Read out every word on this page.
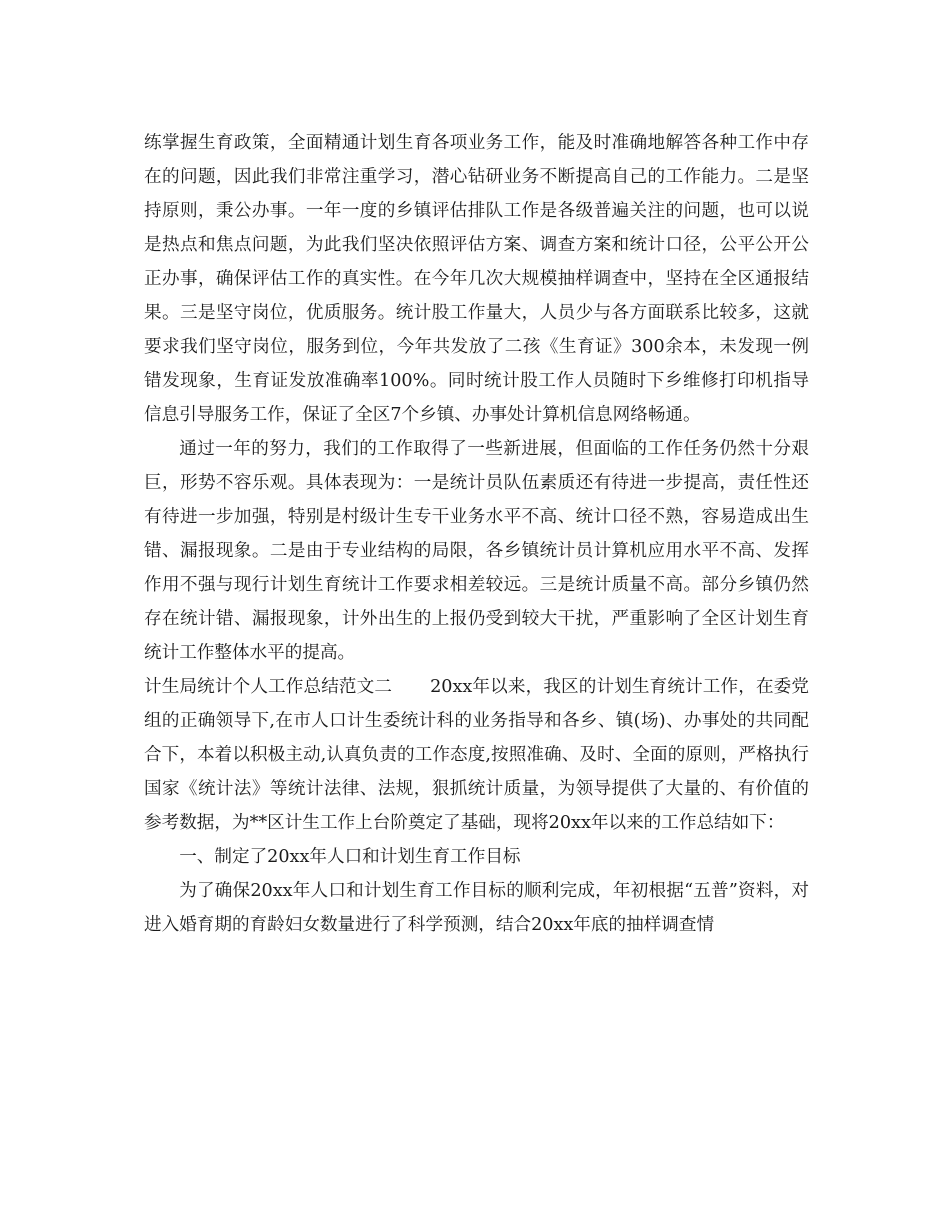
练掌握生育政策，全面精通计划生育各项业务工作，能及时准确地解答各种工作中存在的问题，因此我们非常注重学习，潜心钻研业务不断提高自己的工作能力。二是坚持原则，秉公办事。一年一度的乡镇评估排队工作是各级普遍关注的问题，也可以说是热点和焦点问题，为此我们坚决依照评估方案、调查方案和统计口径，公平公开公正办事，确保评估工作的真实性。在今年几次大规模抽样调查中，坚持在全区通报结果。三是坚守岗位，优质服务。统计股工作量大，人员少与各方面联系比较多，这就要求我们坚守岗位，服务到位，今年共发放了二孩《生育证》300余本，未发现一例错发现象，生育证发放准确率100%。同时统计股工作人员随时下乡维修打印机指导信息引导服务工作，保证了全区7个乡镇、办事处计算机信息网络畅通。

通过一年的努力，我们的工作取得了一些新进展，但面临的工作任务仍然十分艰巨，形势不容乐观。具体表现为：一是统计员队伍素质还有待进一步提高，责任性还有待进一步加强，特别是村级计生专干业务水平不高、统计口径不熟，容易造成出生错、漏报现象。二是由于专业结构的局限，各乡镇统计员计算机应用水平不高、发挥作用不强与现行计划生育统计工作要求相差较远。三是统计质量不高。部分乡镇仍然存在统计错、漏报现象，计外出生的上报仍受到较大干扰，严重影响了全区计划生育统计工作整体水平的提高。

计生局统计个人工作总结范文二 20xx年以来，我区的计划生育统计工作，在委党组的正确领导下,在市人口计生委统计科的业务指导和各乡、镇(场)、办事处的共同配合下，本着以积极主动,认真负责的工作态度,按照准确、及时、全面的原则，严格执行国家《统计法》等统计法律、法规，狠抓统计质量，为领导提供了大量的、有价值的参考数据，为**区计生工作上台阶奠定了基础，现将20xx年以来的工作总结如下：

一、制定了20xx年人口和计划生育工作目标

为了确保20xx年人口和计划生育工作目标的顺利完成，年初根据“五普”资料，对进入婚育期的育龄妇女数量进行了科学预测，结合20xx年底的抽样调查情
